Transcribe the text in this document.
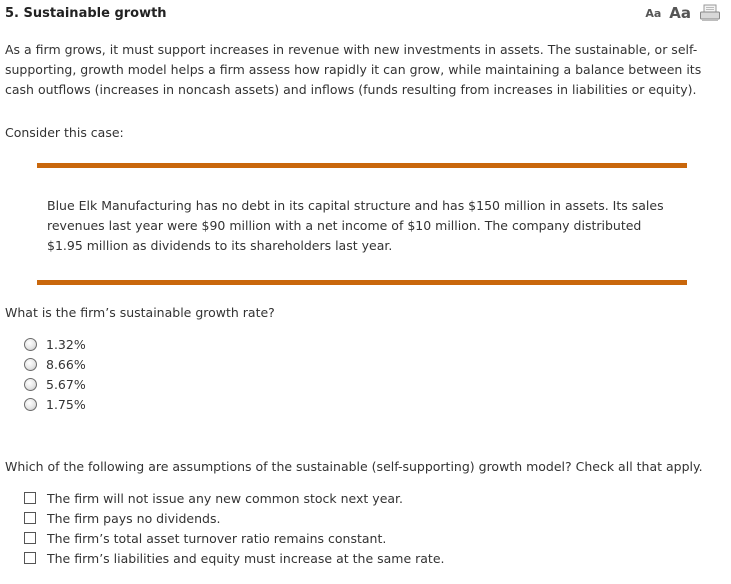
5. Sustainable growth	Aa Aa

As a firm grows, it must support increases in revenue with new investments in assets. The sustainable, or self-supporting, growth model helps a firm assess how rapidly it can grow, while maintaining a balance between its cash outflows (increases in noncash assets) and inflows (funds resulting from increases in liabilities or equity).

Consider this case:

Blue Elk Manufacturing has no debt in its capital structure and has $150 million in assets. Its sales revenues last year were $90 million with a net income of $10 million. The company distributed $1.95 million as dividends to its shareholders last year.

What is the firm’s sustainable growth rate?

1.32%
8.66%
5.67%
1.75%

Which of the following are assumptions of the sustainable (self-supporting) growth model? Check all that apply.

The firm will not issue any new common stock next year.
The firm pays no dividends.
The firm’s total asset turnover ratio remains constant.
The firm’s liabilities and equity must increase at the same rate.
